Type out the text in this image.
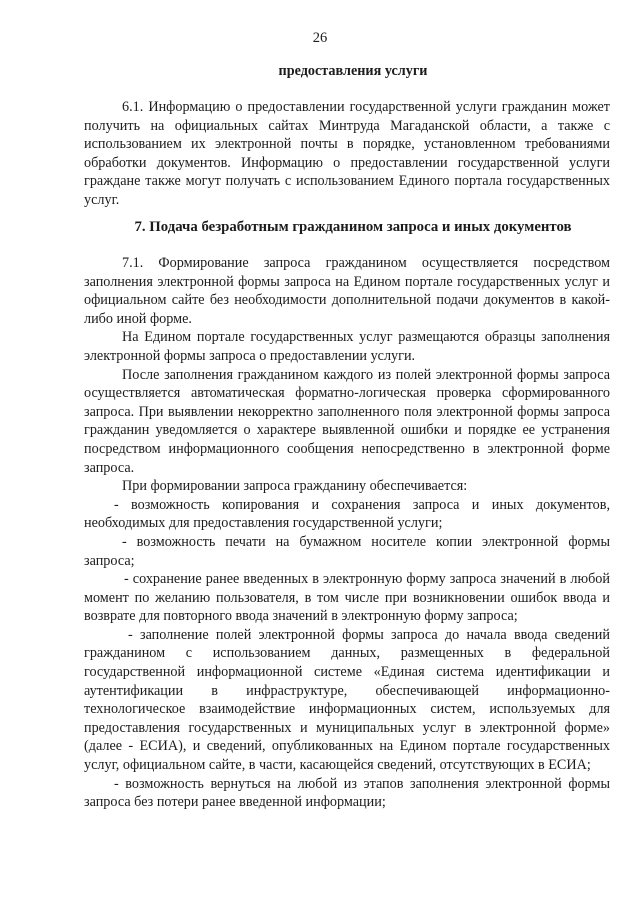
26
предоставления услуги

6.1. Информацию о предоставлении государственной услуги гражданин может получить на официальных сайтах Минтруда Магаданской области, а также с использованием их электронной почты в порядке, установленном требованиями обработки документов. Информацию о предоставлении государственной услуги граждане также могут получать с использованием Единого портала государственных услуг.

7. Подача безработным гражданином запроса и иных документов

7.1. Формирование запроса гражданином осуществляется посредством заполнения электронной формы запроса на Едином портале государственных услуг и официальном сайте без необходимости дополнительной подачи документов в какой-либо иной форме.

На Едином портале государственных услуг размещаются образцы заполнения электронной формы запроса о предоставлении услуги.

После заполнения гражданином каждого из полей электронной формы запроса осуществляется автоматическая форматно-логическая проверка сформированного запроса. При выявлении некорректно заполненного поля электронной формы запроса гражданин уведомляется о характере выявленной ошибки и порядке ее устранения посредством информационного сообщения непосредственно в электронной форме запроса.

При формировании запроса гражданину обеспечивается:

- возможность копирования и сохранения запроса и иных документов, необходимых для предоставления государственной услуги;

- возможность печати на бумажном носителе копии электронной формы запроса;

- сохранение ранее введенных в электронную форму запроса значений в любой момент по желанию пользователя, в том числе при возникновении ошибок ввода и возврате для повторного ввода значений в электронную форму запроса;

- заполнение полей электронной формы запроса до начала ввода сведений гражданином с использованием данных, размещенных в федеральной государственной информационной системе «Единая система идентификации и аутентификации в инфраструктуре, обеспечивающей информационно-технологическое взаимодействие информационных систем, используемых для предоставления государственных и муниципальных услуг в электронной форме» (далее - ЕСИА), и сведений, опубликованных на Едином портале государственных услуг, официальном сайте, в части, касающейся сведений, отсутствующих в ЕСИА;

- возможность вернуться на любой из этапов заполнения электронной формы запроса без потери ранее введенной информации;
